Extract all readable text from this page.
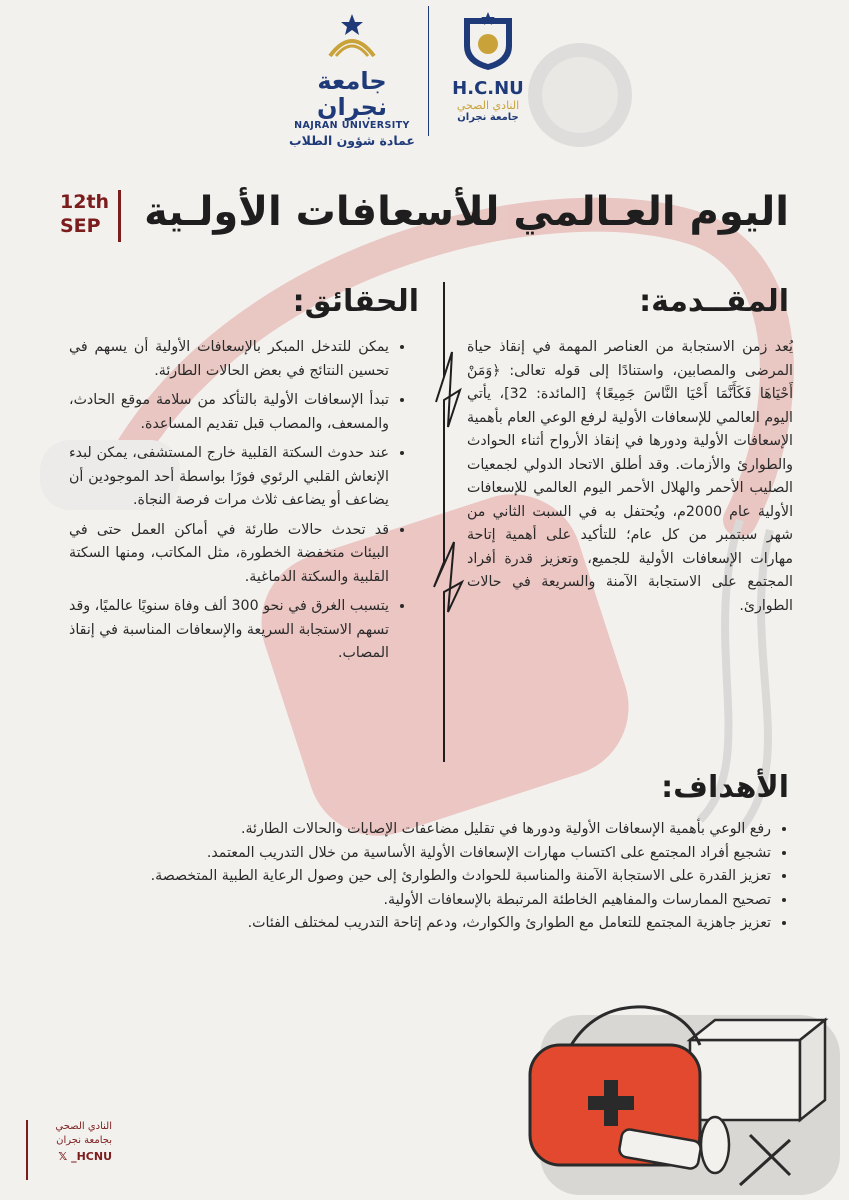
جامعة نجران
NAJRAN UNIVERSITY
عمادة شؤون الطلاب
H.C.NU
النادي الصحي
جامعة نجران
اليوم العـالمي للأسعافات الأولـية
12th
SEP
المقــدمة:
يُعد زمن الاستجابة من العناصر المهمة في إنقاذ حياة المرضى والمصابين، واستنادًا إلى قوله تعالى: ﴿وَمَنْ أَحْيَاهَا فَكَأَنَّمَا أَحْيَا النَّاسَ جَمِيعًا﴾ [المائدة: 32]، يأتي اليوم العالمي للإسعافات الأولية لرفع الوعي العام بأهمية الإسعافات الأولية ودورها في إنقاذ الأرواح أثناء الحوادث والطوارئ والأزمات. وقد أطلق الاتحاد الدولي لجمعيات الصليب الأحمر والهلال الأحمر اليوم العالمي للإسعافات الأولية عام 2000م، ويُحتفل به في السبت الثاني من شهر سبتمبر من كل عام؛ للتأكيد على أهمية إتاحة مهارات الإسعافات الأولية للجميع، وتعزيز قدرة أفراد المجتمع على الاستجابة الآمنة والسريعة في حالات الطوارئ.
الحقائق:
• يمكن للتدخل المبكر بالإسعافات الأولية أن يسهم في تحسين النتائج في بعض الحالات الطارئة.
• تبدأ الإسعافات الأولية بالتأكد من سلامة موقع الحادث، والمسعف، والمصاب قبل تقديم المساعدة.
• عند حدوث السكتة القلبية خارج المستشفى، يمكن لبدء الإنعاش القلبي الرئوي فورًا بواسطة أحد الموجودين أن يضاعف أو يضاعف ثلاث مرات فرصة النجاة.
• قد تحدث حالات طارئة في أماكن العمل حتى في البيئات منخفضة الخطورة، مثل المكاتب، ومنها السكتة القلبية والسكتة الدماغية.
• يتسبب الغرق في نحو 300 ألف وفاة سنويًا عالميًا، وقد تسهم الاستجابة السريعة والإسعافات المناسبة في إنقاذ المصاب.
الأهداف:
• رفع الوعي بأهمية الإسعافات الأولية ودورها في تقليل مضاعفات الإصابات والحالات الطارئة.
• تشجيع أفراد المجتمع على اكتساب مهارات الإسعافات الأولية الأساسية من خلال التدريب المعتمد.
• تعزيز القدرة على الاستجابة الآمنة والمناسبة للحوادث والطوارئ إلى حين وصول الرعاية الطبية المتخصصة.
• تصحيح الممارسات والمفاهيم الخاطئة المرتبطة بالإسعافات الأولية.
• تعزيز جاهزية المجتمع للتعامل مع الطوارئ والكوارث، ودعم إتاحة التدريب لمختلف الفئات.
النادي الصحي
بجامعة نجران
𝕏 _HCNU
